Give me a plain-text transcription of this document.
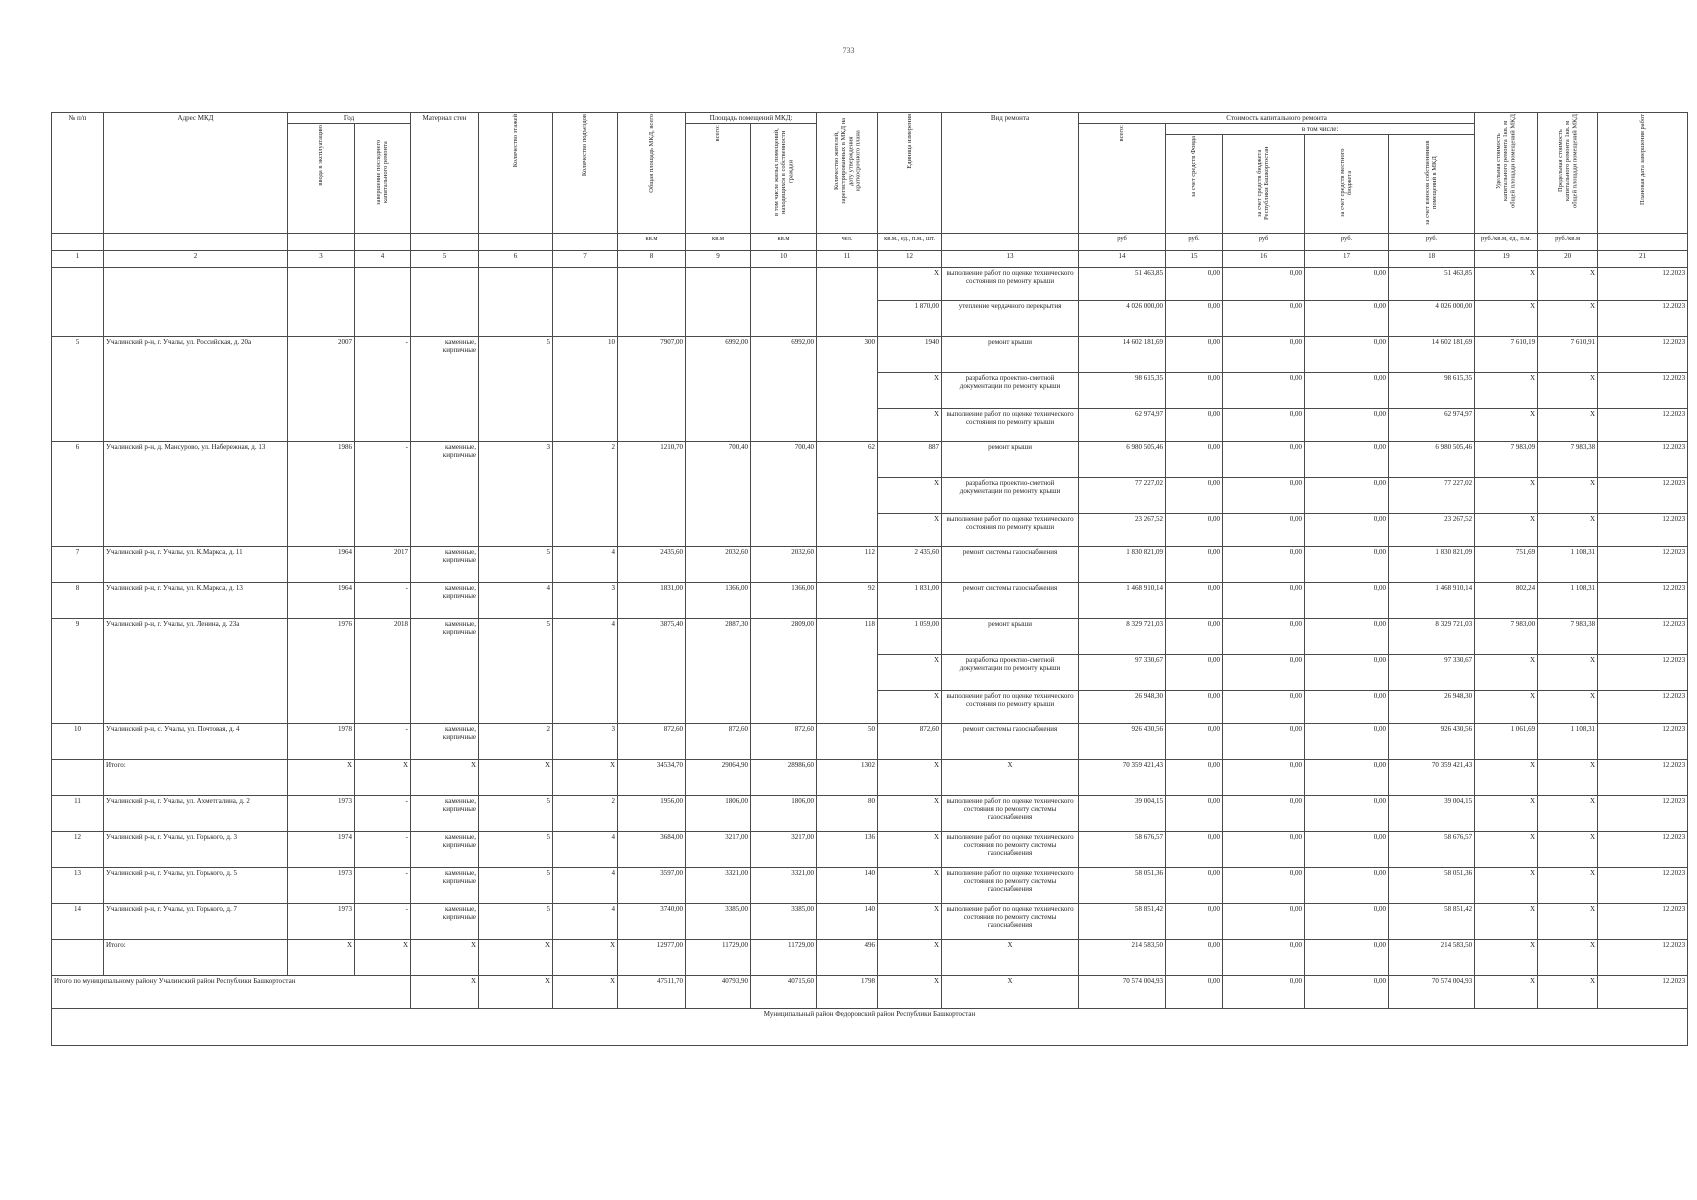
733
№ п/п	Адрес МКД	Год		Материал стен	Количество этажей	Количество подъездов	Общая площадь МКД, всего	Площадь помещений МКД:		Количество жителей, зарегистрированных в МКД на дату утверждения краткосрочного плана	Единица измерения	Вид ремонта	Стоимость капитального ремонта					Удельная стоимость капитального ремонта 1кв. м общей площади помещений МКД	Предельная стоимость капитального ремонта 1кв. м общей площади помещений МКД	Плановая дата завершения работ
		ввода в эксплуатацию	завершение последнего капитального ремонта					всего:	в том числе жилых помещений, находящихся в собственности граждан				всего:	в том числе:						
														за счет средств Фонда	за счет средств бюджета Республики Башкортостан	за счет средств местного бюджета	за счет взносов собственников помещений в МКД			
							кв.м	кв.м	кв.м	чел.	кв.м., ед., п.м., шт.		руб	руб.	руб	руб.	руб.	руб./кв.м, ед., п.м.	руб./кв.м	
1	2	3	4	5	6	7	8	9	10	11	12	13	14	15	16	17	18	19	20	21
											X	выполнение работ по оценке технического состояния по ремонту крыши	51 463,85	0,00	0,00	0,00	51 463,85	X	X	12.2023
											1 870,00	утепление чердачного перекрытия	4 026 000,00	0,00	0,00	0,00	4 026 000,00	X	X	12.2023
5	Учалинский р-н, г. Учалы, ул. Российская, д. 20а	2007	-	каменные, кирпичные	5	10	7907,00	6992,00	6992,00	300	1940	ремонт крыши	14 602 181,69	0,00	0,00	0,00	14 602 181,69	7 610,19	7 610,91	12.2023
											X	разработка проектно-сметной документации по ремонту крыши	98 615,35	0,00	0,00	0,00	98 615,35	X	X	12.2023
											X	выполнение работ по оценке технического состояния по ремонту крыши	62 974,97	0,00	0,00	0,00	62 974,97	X	X	12.2023
6	Учалинский р-н, д. Мансурово, ул. Набережная, д. 13	1986	-	каменные, кирпичные	3	2	1210,70	700,40	700,40	62	887	ремонт крыши	6 980 505,46	0,00	0,00	0,00	6 980 505,46	7 983,09	7 983,38	12.2023
											X	разработка проектно-сметной документации по ремонту крыши	77 227,02	0,00	0,00	0,00	77 227,02	X	X	12.2023
											X	выполнение работ по оценке технического состояния по ремонту крыши	23 267,52	0,00	0,00	0,00	23 267,52	X	X	12.2023
7	Учалинский р-н, г. Учалы, ул. К.Маркса, д. 11	1964	2017	каменные, кирпичные	5	4	2435,60	2032,60	2032,60	112	2 435,60	ремонт системы газоснабжения	1 830 821,09	0,00	0,00	0,00	1 830 821,09	751,69	1 108,31	12.2023
8	Учалинский р-н, г. Учалы, ул. К.Маркса, д. 13	1964	-	каменные, кирпичные	4	3	1831,00	1366,00	1366,00	92	1 831,00	ремонт системы газоснабжения	1 468 910,14	0,00	0,00	0,00	1 468 910,14	802,24	1 108,31	12.2023
9	Учалинский р-н, г. Учалы, ул. Ленина, д. 23а	1976	2018	каменные, кирпичные	5	4	3875,40	2887,30	2809,00	118	1 059,00	ремонт крыши	8 329 721,03	0,00	0,00	0,00	8 329 721,03	7 983,00	7 983,38	12.2023
											X	разработка проектно-сметной документации по ремонту крыши	97 330,67	0,00	0,00	0,00	97 330,67	X	X	12.2023
											X	выполнение работ по оценке технического состояния по ремонту крыши	26 948,30	0,00	0,00	0,00	26 948,30	X	X	12.2023
10	Учалинский р-н, с. Учалы, ул. Почтовая, д. 4	1978	-	каменные, кирпичные	2	3	872,60	872,60	872,60	50	872,60	ремонт системы газоснабжения	926 430,56	0,00	0,00	0,00	926 430,56	1 061,69	1 108,31	12.2023
	Итого:	X	X	X	X	X	34534,70	29064,90	28986,60	1302	X	X	70 359 421,43	0,00	0,00	0,00	70 359 421,43	X	X	12.2023
11	Учалинский р-н, г. Учалы, ул. Ахметгалина, д. 2	1973	-	каменные, кирпичные	5	2	1956,00	1806,00	1806,00	80	X	выполнение работ по оценке технического состояния по ремонту системы газоснабжения	39 004,15	0,00	0,00	0,00	39 004,15	X	X	12.2023
12	Учалинский р-н, г. Учалы, ул. Горького, д. 3	1974	-	каменные, кирпичные	5	4	3684,00	3217,00	3217,00	136	X	выполнение работ по оценке технического состояния по ремонту системы газоснабжения	58 676,57	0,00	0,00	0,00	58 676,57	X	X	12.2023
13	Учалинский р-н, г. Учалы, ул. Горького, д. 5	1973	-	каменные, кирпичные	5	4	3597,00	3321,00	3321,00	140	X	выполнение работ по оценке технического состояния по ремонту системы газоснабжения	58 051,36	0,00	0,00	0,00	58 051,36	X	X	12.2023
14	Учалинский р-н, г. Учалы, ул. Горького, д. 7	1973	-	каменные, кирпичные	5	4	3740,00	3385,00	3385,00	140	X	выполнение работ по оценке технического состояния по ремонту системы газоснабжения	58 851,42	0,00	0,00	0,00	58 851,42	X	X	12.2023
	Итого:	X	X	X	X	X	12977,00	11729,00	11729,00	496	X	X	214 583,50	0,00	0,00	0,00	214 583,50	X	X	12.2023
Итого по муниципальному району Учалинский район Республики Башкортостан				X	X	X	47511,70	40793,90	40715,60	1798	X	X	70 574 004,93	0,00	0,00	0,00	70 574 004,93	X	X	12.2023
Муниципальный район Федоровский район Республики Башкортостан																				
